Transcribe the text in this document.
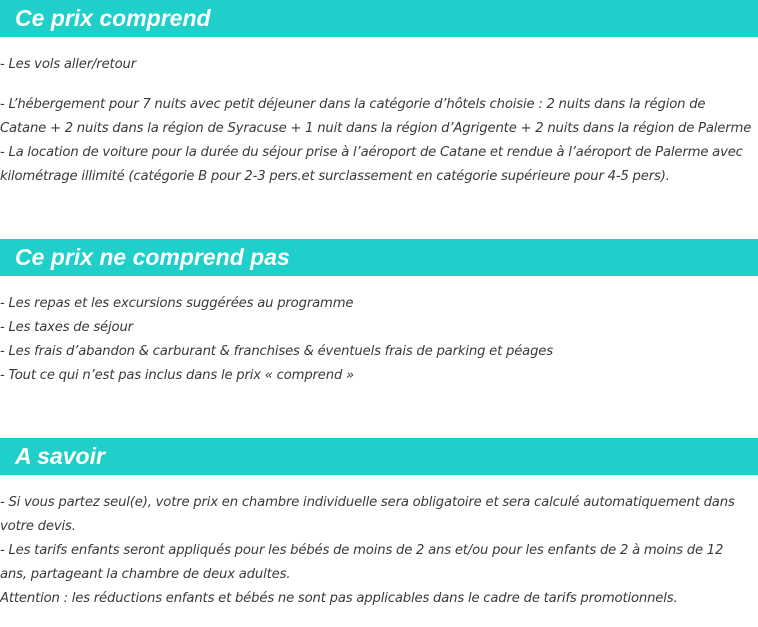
Ce prix comprend

- Les vols aller/retour

- L’hébergement pour 7 nuits avec petit déjeuner dans la catégorie d’hôtels choisie : 2 nuits dans la région de Catane + 2 nuits dans la région de Syracuse + 1 nuit dans la région d’Agrigente + 2 nuits dans la région de Palerme

- La location de voiture pour la durée du séjour prise à l’aéroport de Catane et rendue à l’aéroport de Palerme avec kilométrage illimité (catégorie B pour 2-3 pers.et surclassement en catégorie supérieure pour 4-5 pers).

Ce prix ne comprend pas

- Les repas et les excursions suggérées au programme

- Les taxes de séjour

- Les frais d’abandon & carburant & franchises & éventuels frais de parking et péages

- Tout ce qui n’est pas inclus dans le prix « comprend »

A savoir

- Si vous partez seul(e), votre prix en chambre individuelle sera obligatoire et sera calculé automatiquement dans votre devis.

- Les tarifs enfants seront appliqués pour les bébés de moins de 2 ans et/ou pour les enfants de 2 à moins de 12 ans, partageant la chambre de deux adultes.

Attention : les réductions enfants et bébés ne sont pas applicables dans le cadre de tarifs promotionnels.
